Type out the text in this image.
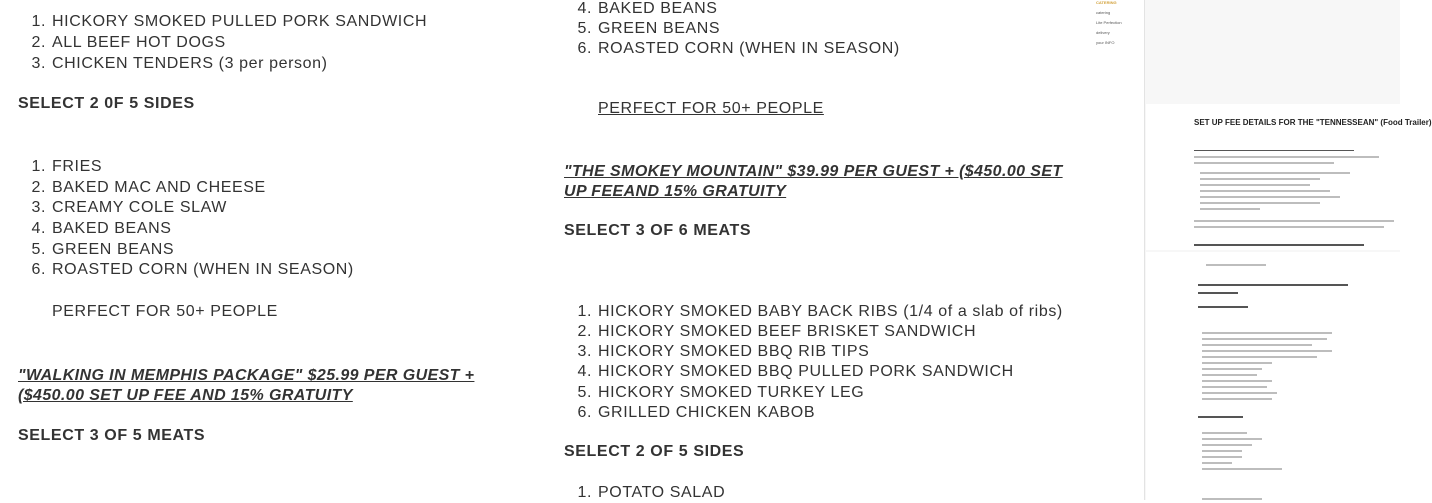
1. HICKORY SMOKED PULLED PORK SANDWICH
2. ALL BEEF HOT DOGS
3. CHICKEN TENDERS (3 per person)
SELECT 2 0F 5 SIDES
1. FRIES
2. BAKED MAC AND CHEESE
3. CREAMY COLE SLAW
4. BAKED BEANS
5. GREEN BEANS
6. ROASTED CORN (WHEN IN SEASON)
PERFECT FOR 50+ PEOPLE
"WALKING IN MEMPHIS PACKAGE" $25.99 PER GUEST + ($450.00 SET UP FEE AND 15% GRATUITY
SELECT 3 OF 5 MEATS
4. BAKED BEANS
5. GREEN BEANS
6. ROASTED CORN (WHEN IN SEASON)
PERFECT FOR 50+ PEOPLE
"THE SMOKEY MOUNTAIN" $39.99 PER GUEST + ($450.00 SET UP FEEAND 15% GRATUITY
SELECT 3 OF 6 MEATS
1. HICKORY SMOKED BABY BACK RIBS (1/4 of a slab of ribs)
2. HICKORY SMOKED BEEF BRISKET SANDWICH
3. HICKORY SMOKED BBQ RIB TIPS
4. HICKORY SMOKED BBQ PULLED PORK SANDWICH
5. HICKORY SMOKED TURKEY LEG
6. GRILLED CHICKEN KABOB
SELECT 2 OF 5 SIDES
1. POTATO SALAD
CATERING
catering
Lite Perfection
delivery
your INFO
SET UP FEE DETAILS FOR THE "TENNESSEAN" (Food Trailer)
